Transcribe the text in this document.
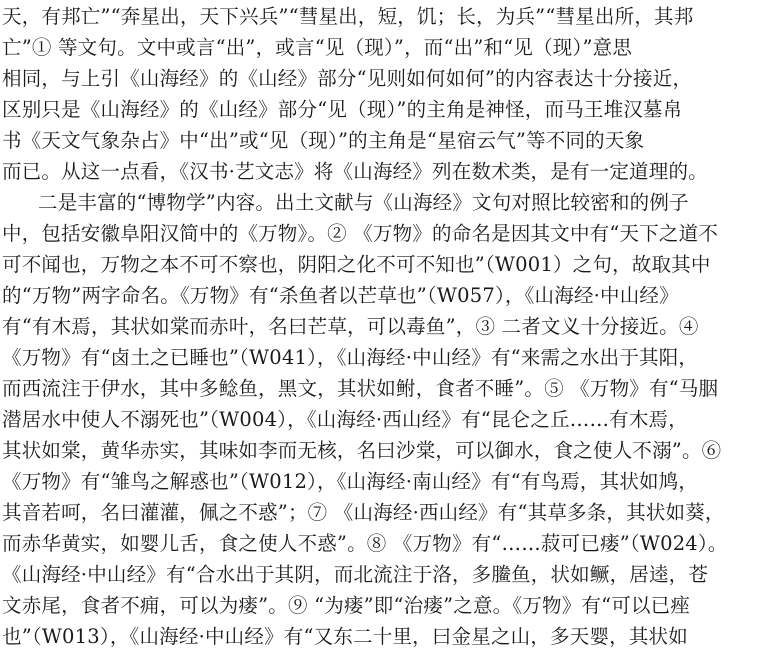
天，有邦亡”“奔星出，天下兴兵”“彗星出，短，饥；长，为兵”“彗星出所，其邦
亡”① 等文句。文中或言“出”，或言“见（现）”，而“出”和“见（现）”意思
相同，与上引《山海经》的《山经》部分“见则如何如何”的内容表达十分接近，
区别只是《山海经》的《山经》部分“见（现）”的主角是神怪，而马王堆汉墓帛
书《天文气象杂占》中“出”或“见（现）”的主角是“星宿云气”等不同的天象
而已。从这一点看，《汉书·艺文志》将《山海经》列在数术类，是有一定道理的。
二是丰富的“博物学”内容。出土文献与《山海经》文句对照比较密和的例子
中，包括安徽阜阳汉简中的《万物》。② 《万物》的命名是因其文中有“天下之道不
可不闻也，万物之本不可不察也，阴阳之化不可不知也”（W001）之句，故取其中
的“万物”两字命名。《万物》有“杀鱼者以芒草也”（W057），《山海经·中山经》
有“有木焉，其状如棠而赤叶，名曰芒草，可以毒鱼”，③ 二者文义十分接近。④
《万物》有“卤土之已睡也”（W041），《山海经·中山经》有“来需之水出于其阳，
而西流注于伊水，其中多鲶鱼，黑文，其状如鲋，食者不睡”。⑤ 《万物》有“马胭
潜居水中使人不溺死也”（W004），《山海经·西山经》有“昆仑之丘……有木焉，
其状如棠，黄华赤实，其味如李而无核，名曰沙棠，可以御水，食之使人不溺”。⑥
《万物》有“雏鸟之解惑也”（W012），《山海经·南山经》有“有鸟焉，其状如鸠，
其音若呵，名曰灌灌，佩之不惑”；⑦ 《山海经·西山经》有“其草多条，其状如葵，
而赤华黄实，如婴儿舌，食之使人不惑”。⑧ 《万物》有“……菽可已瘘”（W024）。
《山海经·中山经》有“合水出于其阴，而北流注于洛，多䲢鱼，状如鳜，居逵，苍
文赤尾，食者不痈，可以为瘘”。⑨ “为瘘”即“治瘘”之意。《万物》有“可以已痤
也”（W013），《山海经·中山经》有“又东二十里，曰金星之山，多天婴，其状如
